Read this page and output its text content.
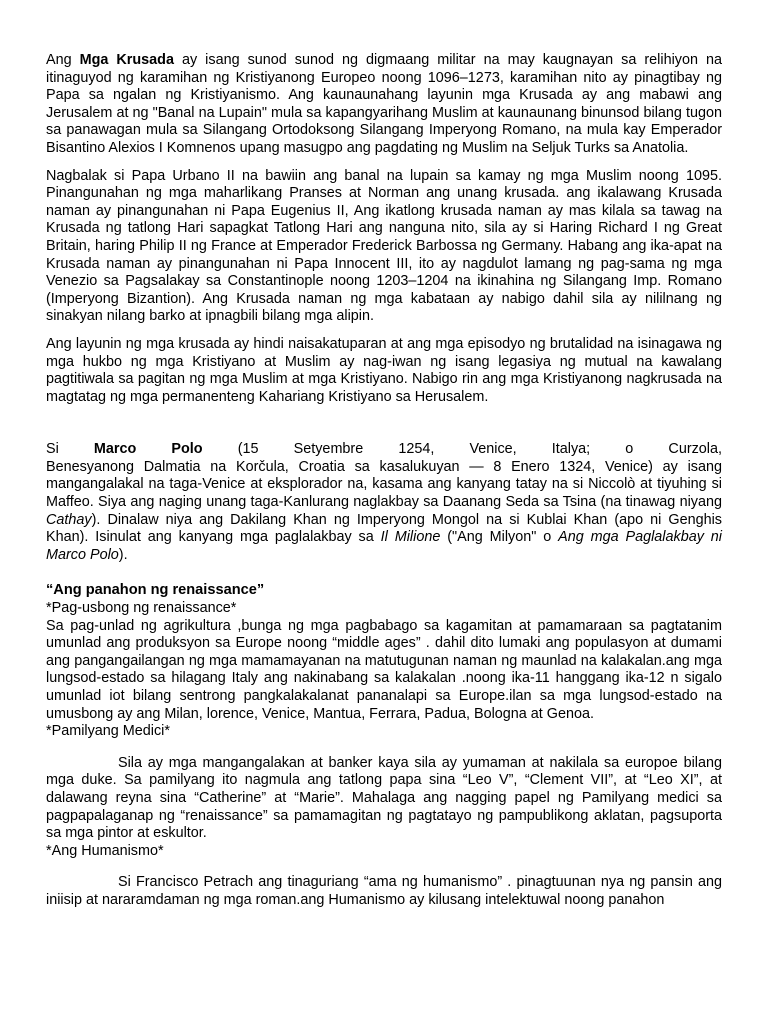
Ang Mga Krusada ay isang sunod sunod ng digmaang militar na may kaugnayan sa relihiyon na itinaguyod ng karamihan ng Kristiyanong Europeo noong 1096–1273, karamihan nito ay pinagtibay ng Papa sa ngalan ng Kristiyanismo. Ang kaunaunahang layunin mga Krusada ay ang mabawi ang Jerusalem at ng "Banal na Lupain" mula sa kapangyarihang Muslim at kaunaunang binunsod bilang tugon sa panawagan mula sa Silangang Ortodoksong Silangang Imperyong Romano, na mula kay Emperador Bisantino Alexios I Komnenos upang masugpo ang pagdating ng Muslim na Seljuk Turks sa Anatolia.

Nagbalak si Papa Urbano II na bawiin ang banal na lupain sa kamay ng mga Muslim noong 1095. Pinangunahan ng mga maharlikang Pranses at Norman ang unang krusada. ang ikalawang Krusada naman ay pinangunahan ni Papa Eugenius II, Ang ikatlong krusada naman ay mas kilala sa tawag na Krusada ng tatlong Hari sapagkat Tatlong Hari ang nanguna nito, sila ay si Haring Richard I ng Great Britain, haring Philip II ng France at Emperador Frederick Barbossa ng Germany. Habang ang ika-apat na Krusada naman ay pinangunahan ni Papa Innocent III, ito ay nagdulot lamang ng pag-sama ng mga Venezio sa Pagsalakay sa Constantinople noong 1203–1204 na ikinahina ng Silangang Imp. Romano (Imperyong Bizantion). Ang Krusada naman ng mga kabataan ay nabigo dahil sila ay nililnang ng sinakyan nilang barko at ipnagbili bilang mga alipin.

Ang layunin ng mga krusada ay hindi naisakatuparan at ang mga episodyo ng brutalidad na isinagawa ng mga hukbo ng mga Kristiyano at Muslim ay nag-iwan ng isang legasiya ng mutual na kawalang pagtitiwala sa pagitan ng mga Muslim at mga Kristiyano. Nabigo rin ang mga Kristiyanong nagkrusada na magtatag ng mga permanenteng Kahariang Kristiyano sa Herusalem.

Si Marco Polo (15 Setyembre 1254, Venice, Italya; o Curzola,

Benesyanong Dalmatia na Korčula, Croatia sa kasalukuyan — 8 Enero 1324, Venice) ay isang mangangalakal na taga-Venice at eksplorador na, kasama ang kanyang tatay na si Niccolò at tiyuhing si Maffeo. Siya ang naging unang taga-Kanlurang naglakbay sa Daanang Seda sa Tsina (na tinawag niyang Cathay). Dinalaw niya ang Dakilang Khan ng Imperyong Mongol na si Kublai Khan (apo ni Genghis Khan). Isinulat ang kanyang mga paglalakbay sa Il Milione ("Ang Milyon" o Ang mga Paglalakbay ni Marco Polo).

“Ang panahon ng renaissance”

*Pag-usbong ng renaissance*

Sa pag-unlad ng agrikultura ,bunga ng mga pagbabago sa kagamitan at pamamaraan sa pagtatanim umunlad ang produksyon sa Europe noong “middle ages” . dahil dito lumaki ang populasyon at dumami ang pangangailangan ng mga mamamayanan na matutugunan naman ng maunlad na kalakalan.ang mga lungsod-estado sa hilagang Italy ang nakinabang sa kalakalan .noong ika-11 hanggang ika-12 n sigalo umunlad iot bilang sentrong pangkalakalanat pananalapi sa Europe.ilan sa mga lungsod-estado na umusbong ay ang Milan, lorence, Venice, Mantua, Ferrara, Padua, Bologna at Genoa.

*Pamilyang Medici*

Sila ay mga mangangalakan at banker kaya sila ay yumaman at nakilala sa europoe bilang mga duke. Sa pamilyang ito nagmula ang tatlong papa sina “Leo V”, “Clement VII”, at “Leo XI”, at dalawang reyna sina “Catherine” at “Marie”. Mahalaga ang nagging papel ng Pamilyang medici sa pagpapalaganap ng “renaissance” sa pamamagitan ng pagtatayo ng pampublikong aklatan, pagsuporta sa mga pintor at eskultor.

*Ang Humanismo*

Si Francisco Petrach ang tinaguriang “ama ng humanismo” . pinagtuunan nya ng pansin ang iniisip at nararamdaman ng mga roman.ang Humanismo ay kilusang intelektuwal noong panahon
